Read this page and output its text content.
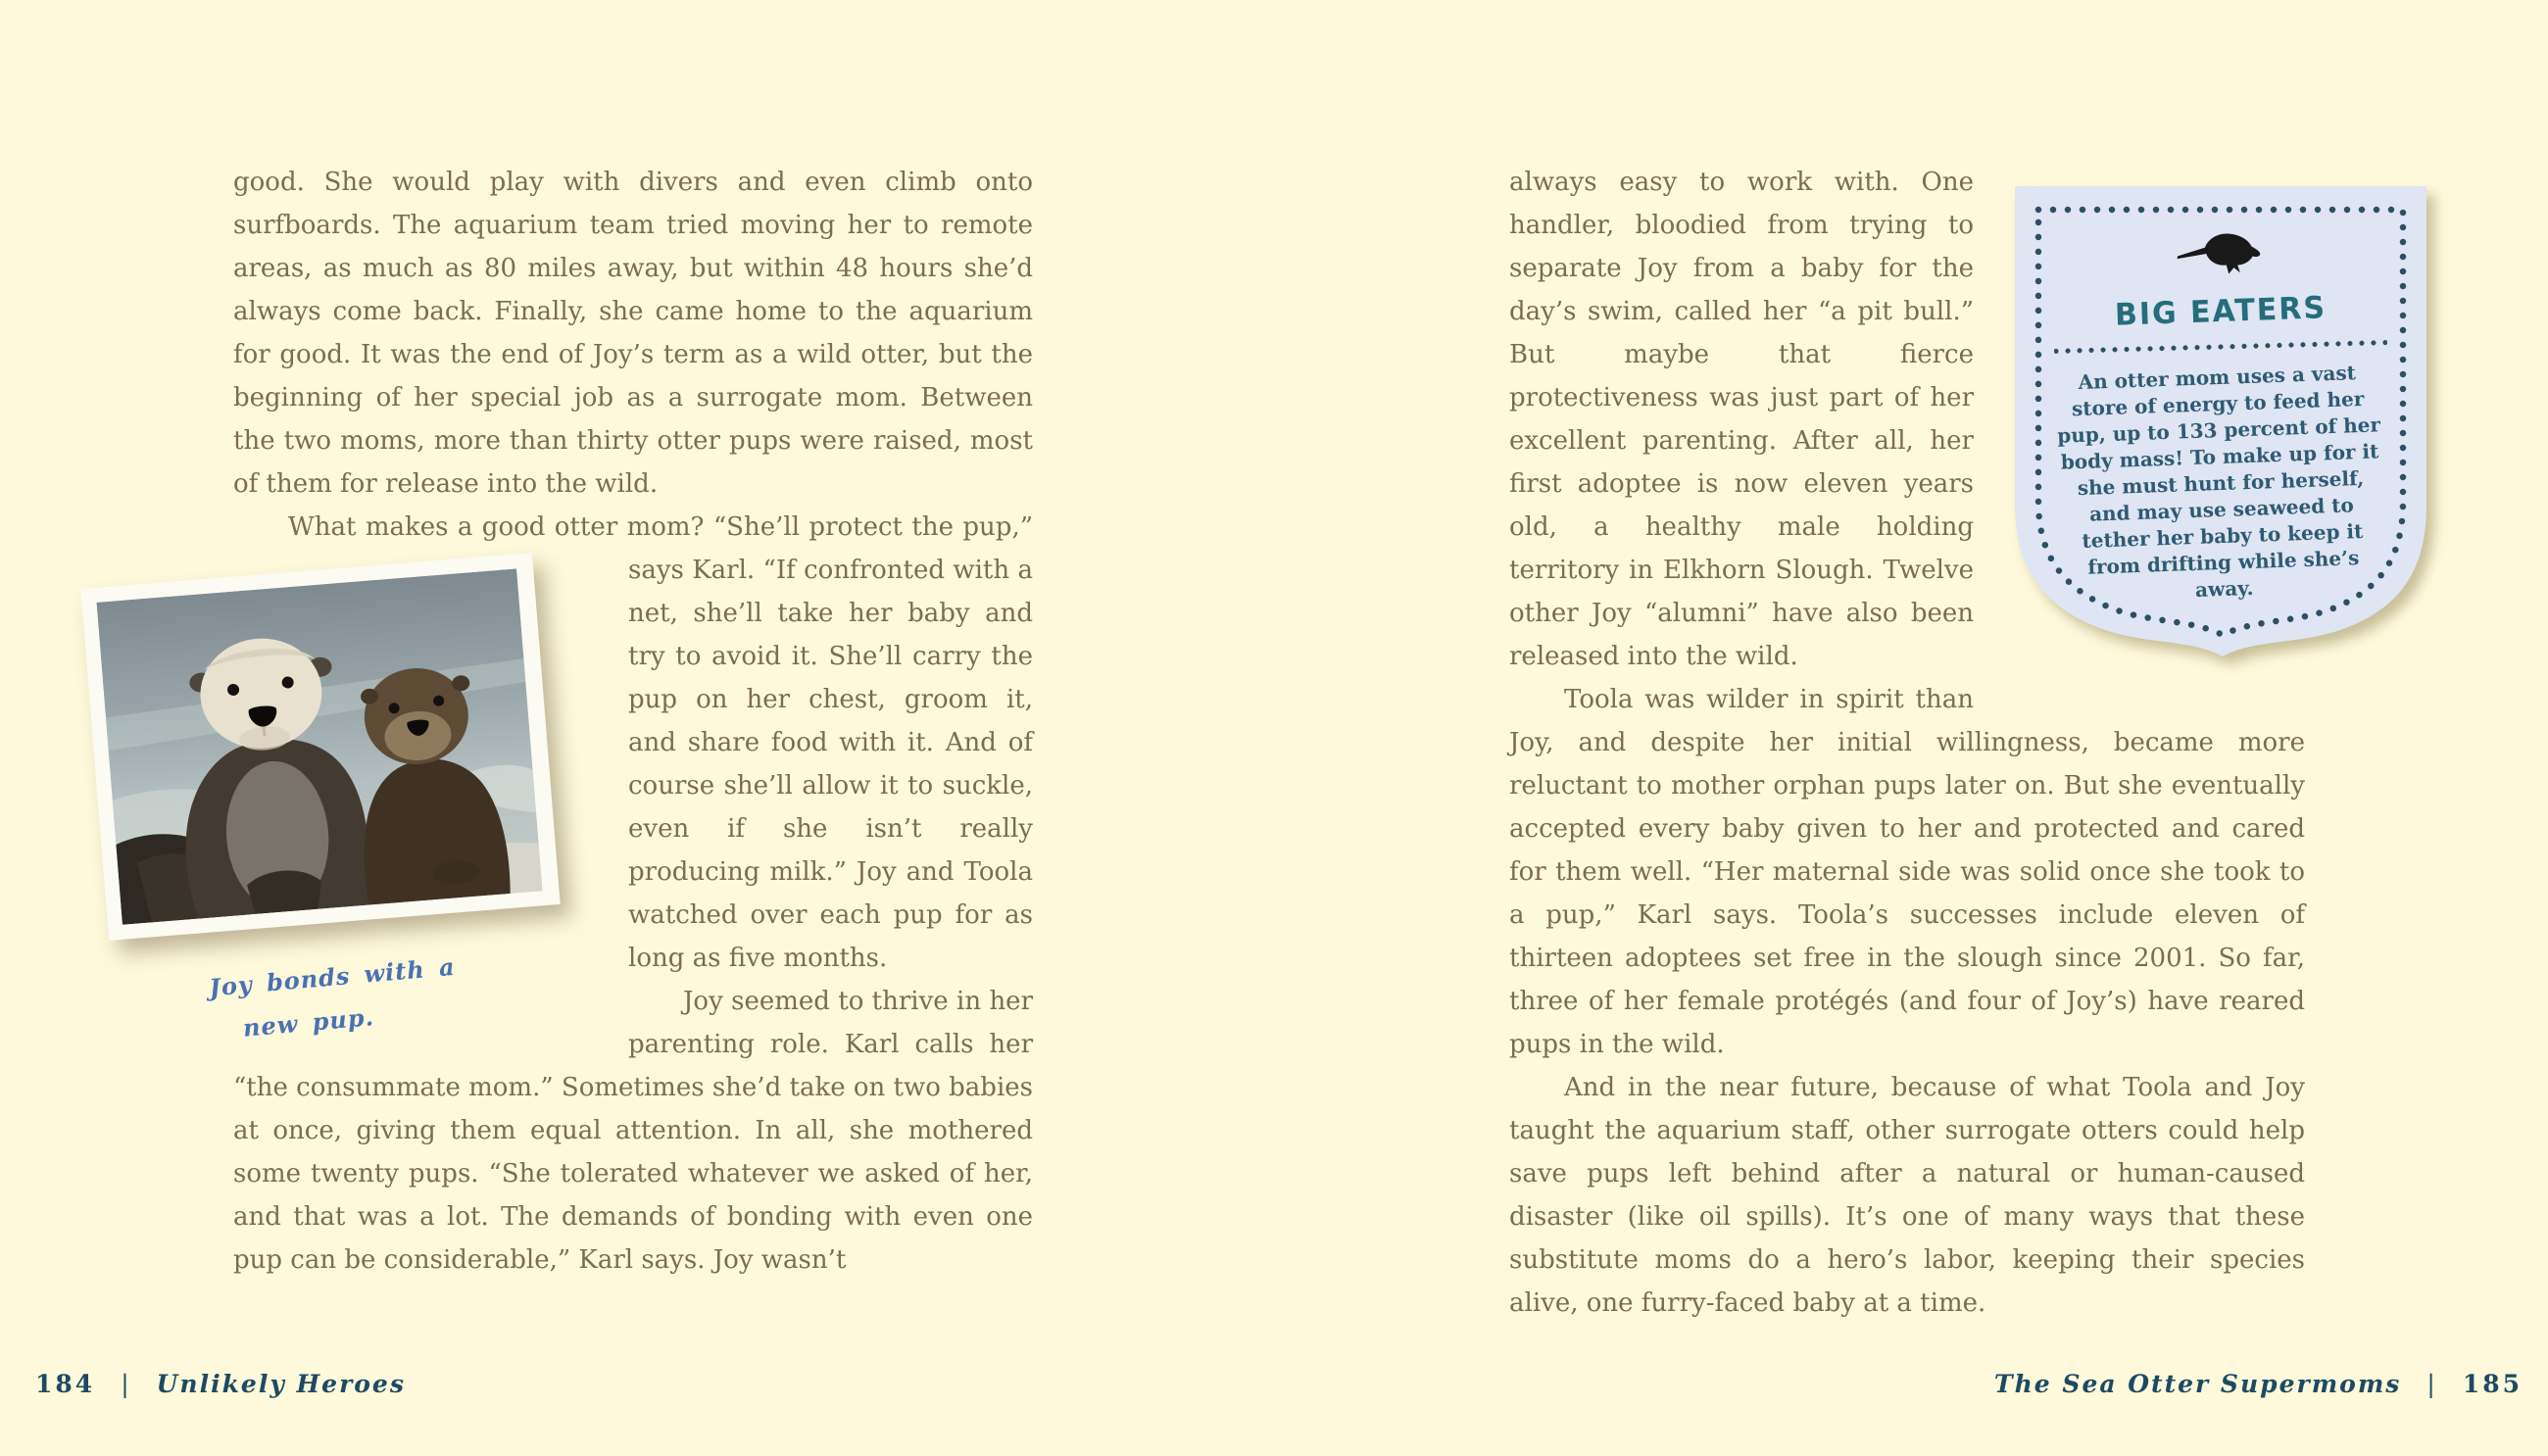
good. She would play with divers and even climb onto surfboards. The aquarium team tried moving her to remote areas, as much as 80 miles away, but within 48 hours she’d always come back. Finally, she came home to the aquarium for good. It was the end of Joy’s term as a wild otter, but the beginning of her special job as a surrogate mom. Between the two moms, more than thirty otter pups were raised, most of them for release into the wild.

What makes a good otter mom? “She’ll protect the pup,” says
Joy bonds with a new pup.
Karl. “If confronted with a net, she’ll take her baby and try to avoid it. She’ll carry the pup on her chest, groom it, and share food with it. And of course she’ll allow it to suckle, even if she isn’t really producing milk.” Joy and Toola watched over each pup for as long as five months.

Joy seemed to thrive in her parenting role. Karl calls her “the consummate mom.” Sometimes she’d take on two babies at once, giving them equal attention. In all, she mothered some twenty pups. “She tolerated whatever we asked of her, and that was a lot. The demands of bonding with even one pup can be considerable,” Karl says. Joy wasn’t

BIG EATERS
An otter mom uses a vast store of energy to feed her pup, up to 133 percent of her body mass! To make up for it she must hunt for herself, and may use seaweed to tether her baby to keep it from drifting while she’s away.
always easy to work with. One handler, bloodied from trying to separate Joy from a baby for the day’s swim, called her “a pit bull.” But maybe that fierce protectiveness was just part of her excellent parenting. After all, her first adoptee is now eleven years old, a healthy male holding territory in Elkhorn Slough. Twelve other Joy “alumni” have also been released into the wild.

Toola was wilder in spirit than Joy, and despite her initial willingness, became more reluctant to mother orphan pups later on. But she eventually accepted every baby given to her and protected and cared for them well. “Her maternal side was solid once she took to a pup,” Karl says. Toola’s successes include eleven of thirteen adoptees set free in the slough since 2001. So far, three of her female protégés (and four of Joy’s) have reared pups in the wild.

And in the near future, because of what Toola and Joy taught the aquarium staff, other surrogate otters could help save pups left behind after a natural or human-caused disaster (like oil spills). It’s one of many ways that these substitute moms do a hero’s labor, keeping their species alive, one furry-faced baby at a time.

184 | Unlikely Heroes	The Sea Otter Supermoms | 185
